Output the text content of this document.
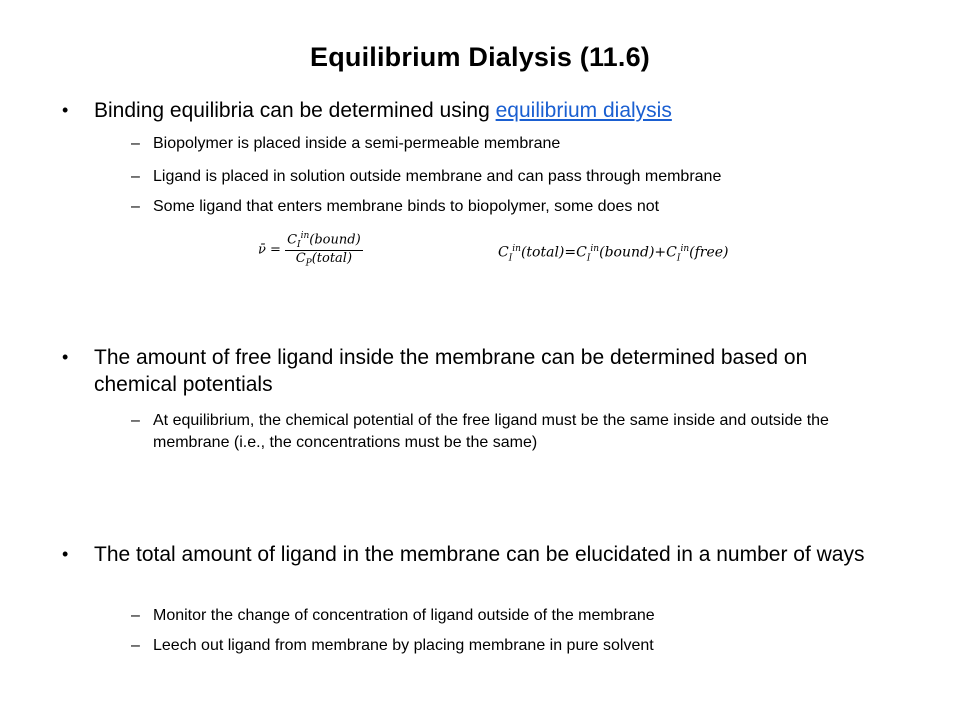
Equilibrium Dialysis (11.6)
• Binding equilibria can be determined using equilibrium dialysis
– Biopolymer is placed inside a semi-permeable membrane
– Ligand is placed in solution outside membrane and can pass through membrane
– Some ligand that enters membrane binds to biopolymer, some does not
ν̄ = $\frac{C_I^{in}(bound)}{C_P(total)}$	$C_I^{in}(total)=C_I^{in}(bound)+C_I^{in}(free)$
• The amount of free ligand inside the membrane can be determined based on chemical potentials
– At equilibrium, the chemical potential of the free ligand must be the same inside and outside the membrane (i.e., the concentrations must be the same)
• The total amount of ligand in the membrane can be elucidated in a number of ways
– Monitor the change of concentration of ligand outside of the membrane
– Leech out ligand from membrane by placing membrane in pure solvent
